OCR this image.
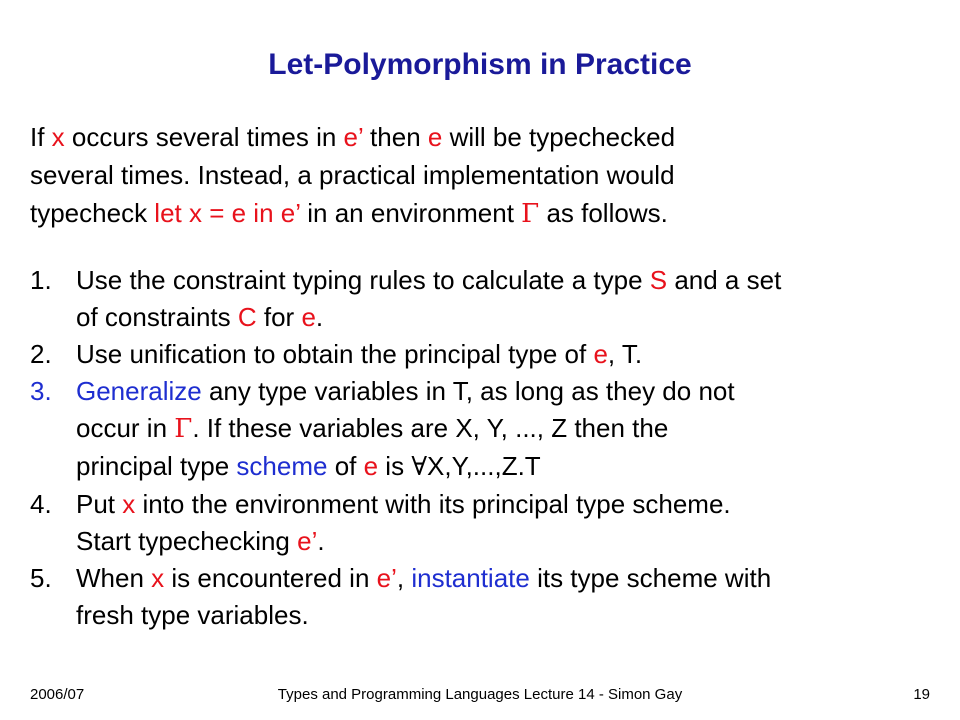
Let-Polymorphism in Practice
If x occurs several times in e’ then e will be typechecked
several times. Instead, a practical implementation would
typecheck let x = e in e’ in an environment Γ as follows.
1. Use the constraint typing rules to calculate a type S and a set
of constraints C for e.
2. Use unification to obtain the principal type of e, T.
3. Generalize any type variables in T, as long as they do not
occur in Γ. If these variables are X, Y, ..., Z then the
principal type scheme of e is ∀X,Y,...,Z.T
4. Put x into the environment with its principal type scheme.
Start typechecking e’.
5. When x is encountered in e’, instantiate its type scheme with
fresh type variables.
2006/07	Types and Programming Languages Lecture 14 - Simon Gay	19
